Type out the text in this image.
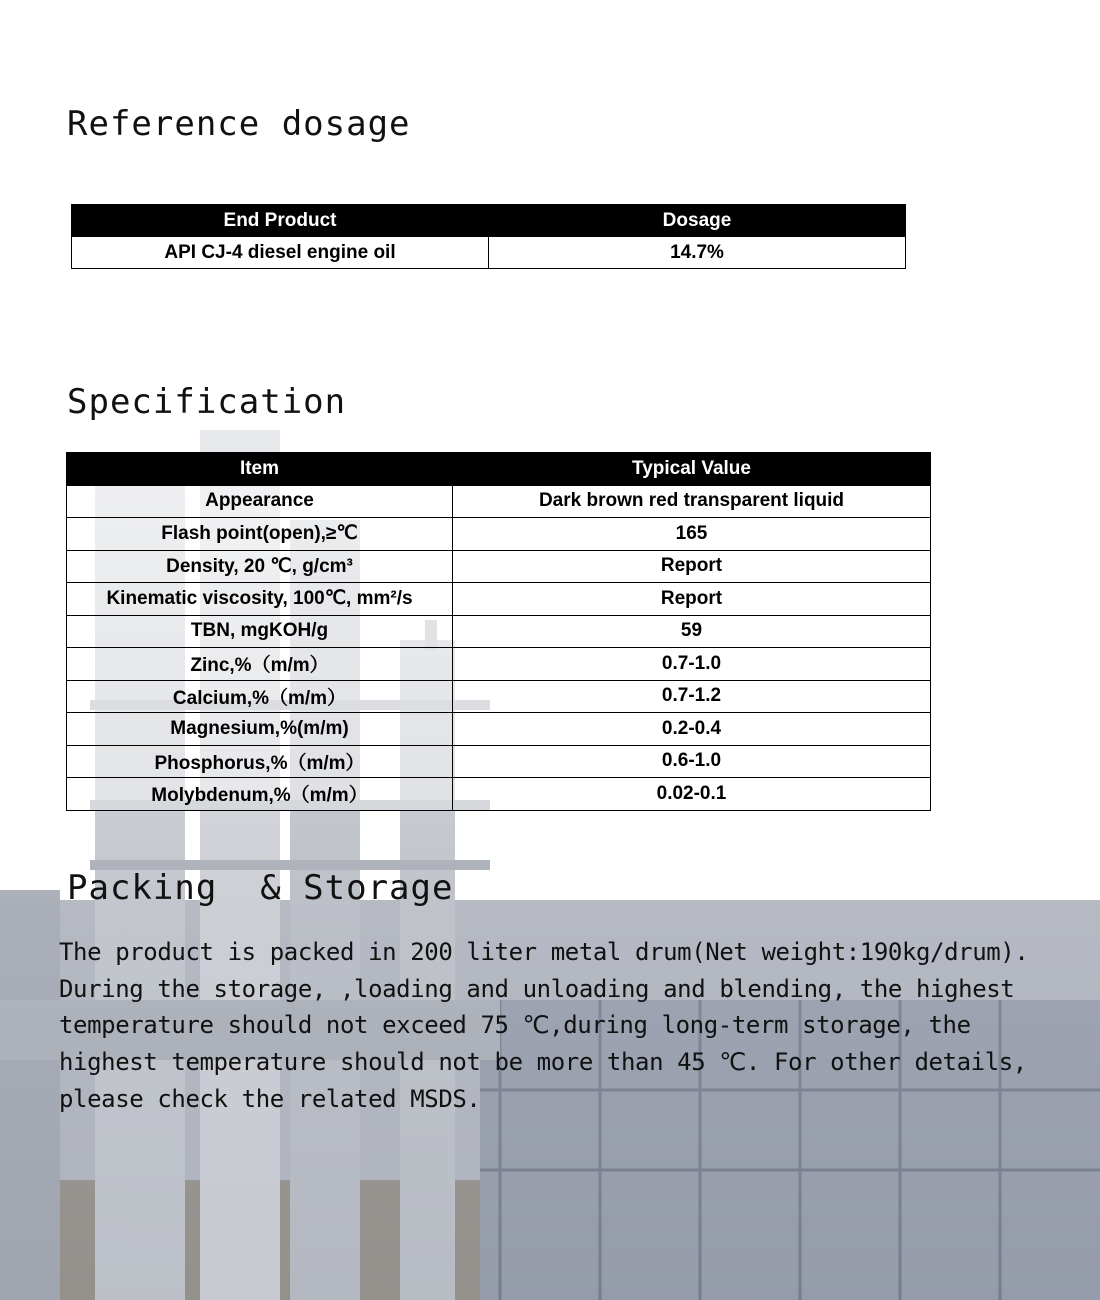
Reference dosage
End Product	Dosage
API CJ-4 diesel engine oil	14.7%
Specification
Item	Typical Value
Appearance	Dark brown red transparent liquid
Flash point(open),≥℃	165
Density, 20 ℃, g/cm³	Report
Kinematic viscosity, 100℃, mm²/s	Report
TBN, mgKOH/g	59
Zinc,%（m/m）	0.7-1.0
Calcium,%（m/m）	0.7-1.2
Magnesium,%(m/m)	0.2-0.4
Phosphorus,%（m/m）	0.6-1.0
Molybdenum,%（m/m）	0.02-0.1
Packing  & Storage

The product is packed in 200 liter metal drum(Net weight:190kg/drum). During the storage, ,loading and unloading and blending, the highest temperature should not exceed 75 ℃,during long-term storage, the highest temperature should not be more than 45 ℃. For other details, please check the related MSDS.
